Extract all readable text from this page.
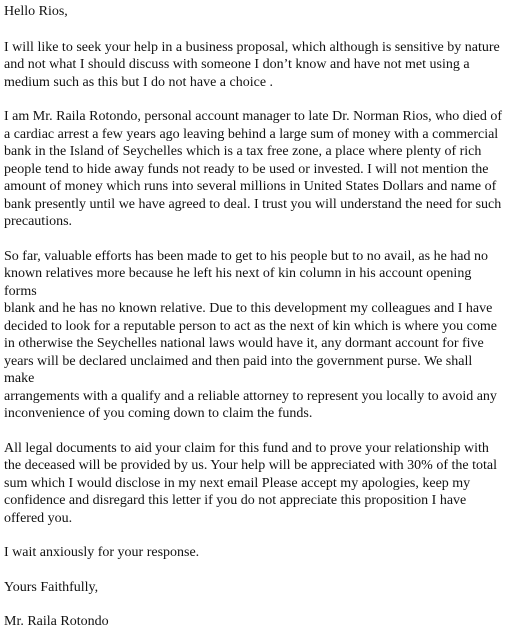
Hello Rios,

I will like to seek your help in a business proposal, which although is sensitive by nature
and not what I should discuss with someone I don’t know and have not met using a
medium such as this but I do not have a choice .

I am Mr. Raila Rotondo, personal account manager to late Dr. Norman Rios, who died of
a cardiac arrest a few years ago leaving behind a large sum of money with a commercial
bank in the Island of Seychelles which is a tax free zone, a place where plenty of rich
people tend to hide away funds not ready to be used or invested. I will not mention the
amount of money which runs into several millions in United States Dollars and name of
bank presently until we have agreed to deal. I trust you will understand the need for such
precautions.

So far, valuable efforts has been made to get to his people but to no avail, as he had no
known relatives more because he left his next of kin column in his account opening forms
blank and he has no known relative. Due to this development my colleagues and I have
decided to look for a reputable person to act as the next of kin which is where you come
in otherwise the Seychelles national laws would have it, any dormant account for five
years will be declared unclaimed and then paid into the government purse. We shall make
arrangements with a qualify and a reliable attorney to represent you locally to avoid any
inconvenience of you coming down to claim the funds.

All legal documents to aid your claim for this fund and to prove your relationship with
the deceased will be provided by us. Your help will be appreciated with 30% of the total
sum which I would disclose in my next email Please accept my apologies, keep my
confidence and disregard this letter if you do not appreciate this proposition I have
offered you.

I wait anxiously for your response.

Yours Faithfully,

Mr. Raila Rotondo
